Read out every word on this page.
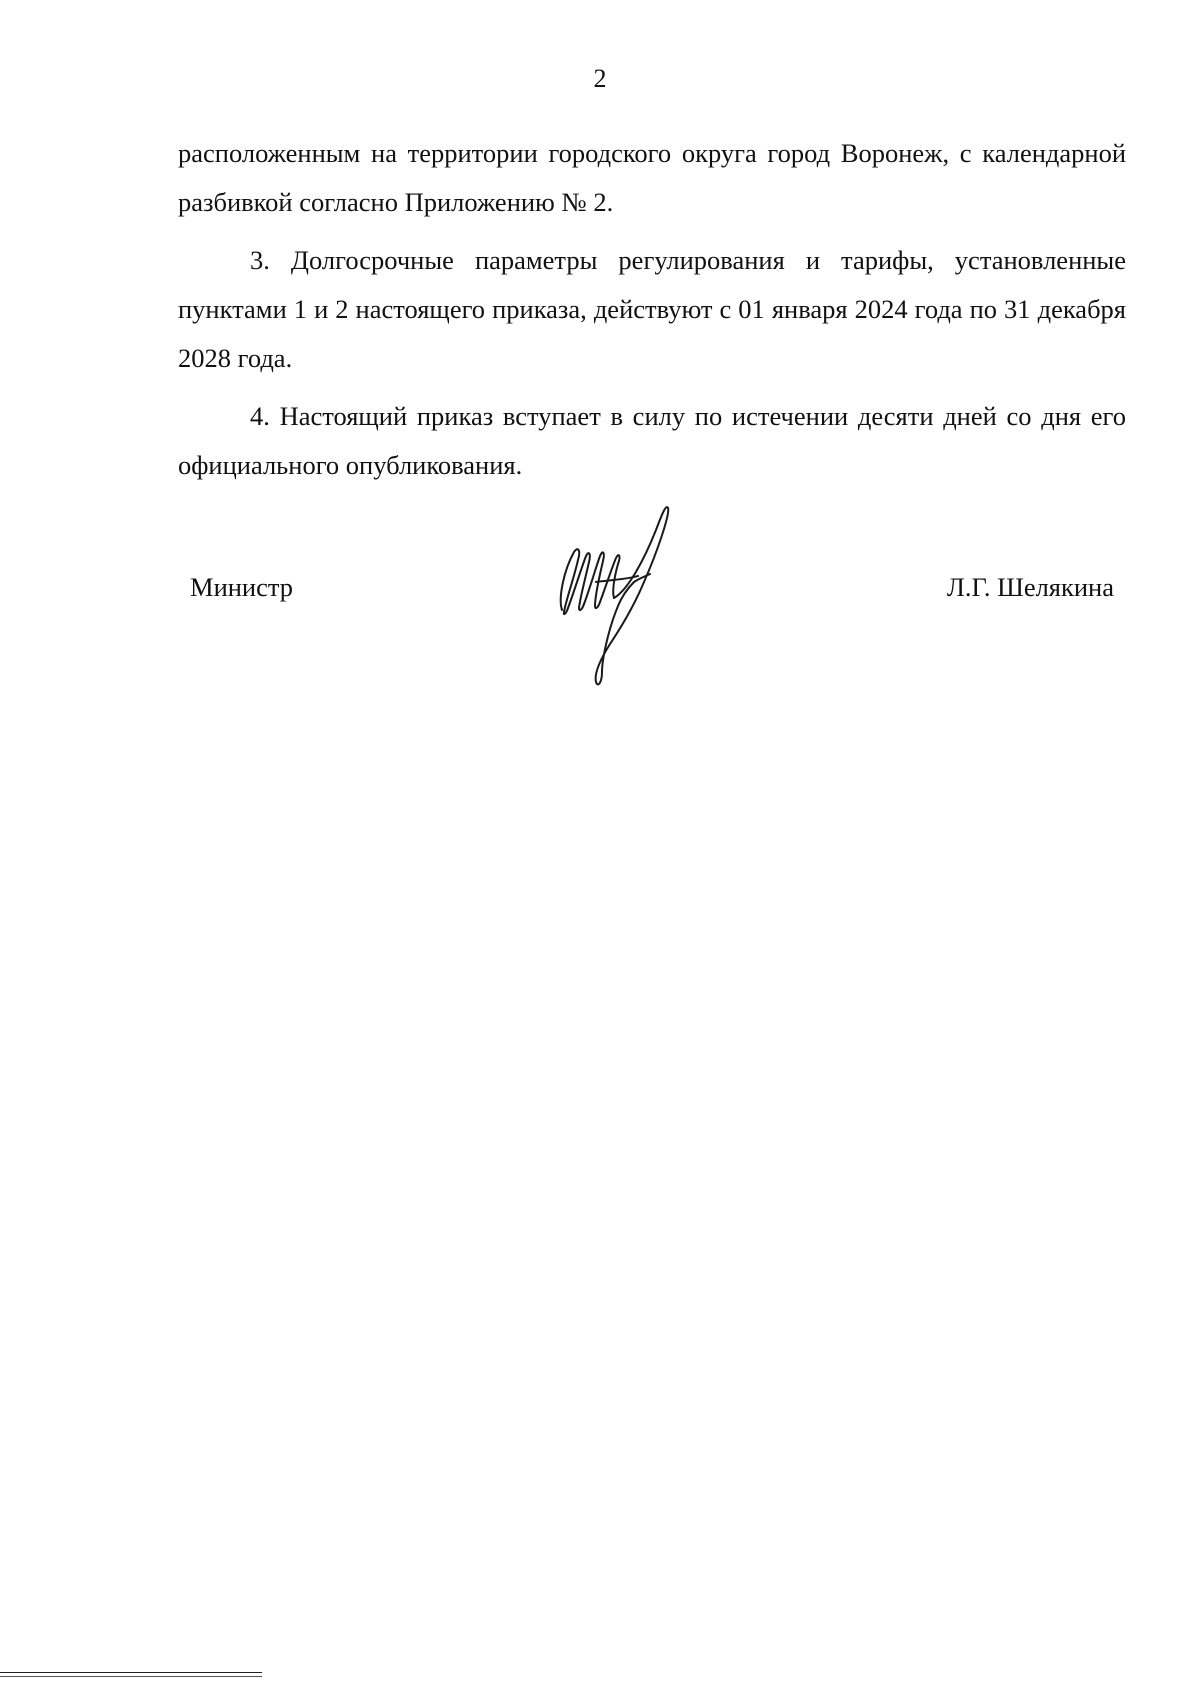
2

расположенным на территории городского округа город Воронеж, с календарной разбивкой согласно Приложению № 2.

3. Долгосрочные параметры регулирования и тарифы, установленные пунктами 1 и 2 настоящего приказа, действуют с 01 января 2024 года по 31 декабря 2028 года.

4. Настоящий приказ вступает в силу по истечении десяти дней со дня его официального опубликования.

Министр	Л.Г. Шелякина
